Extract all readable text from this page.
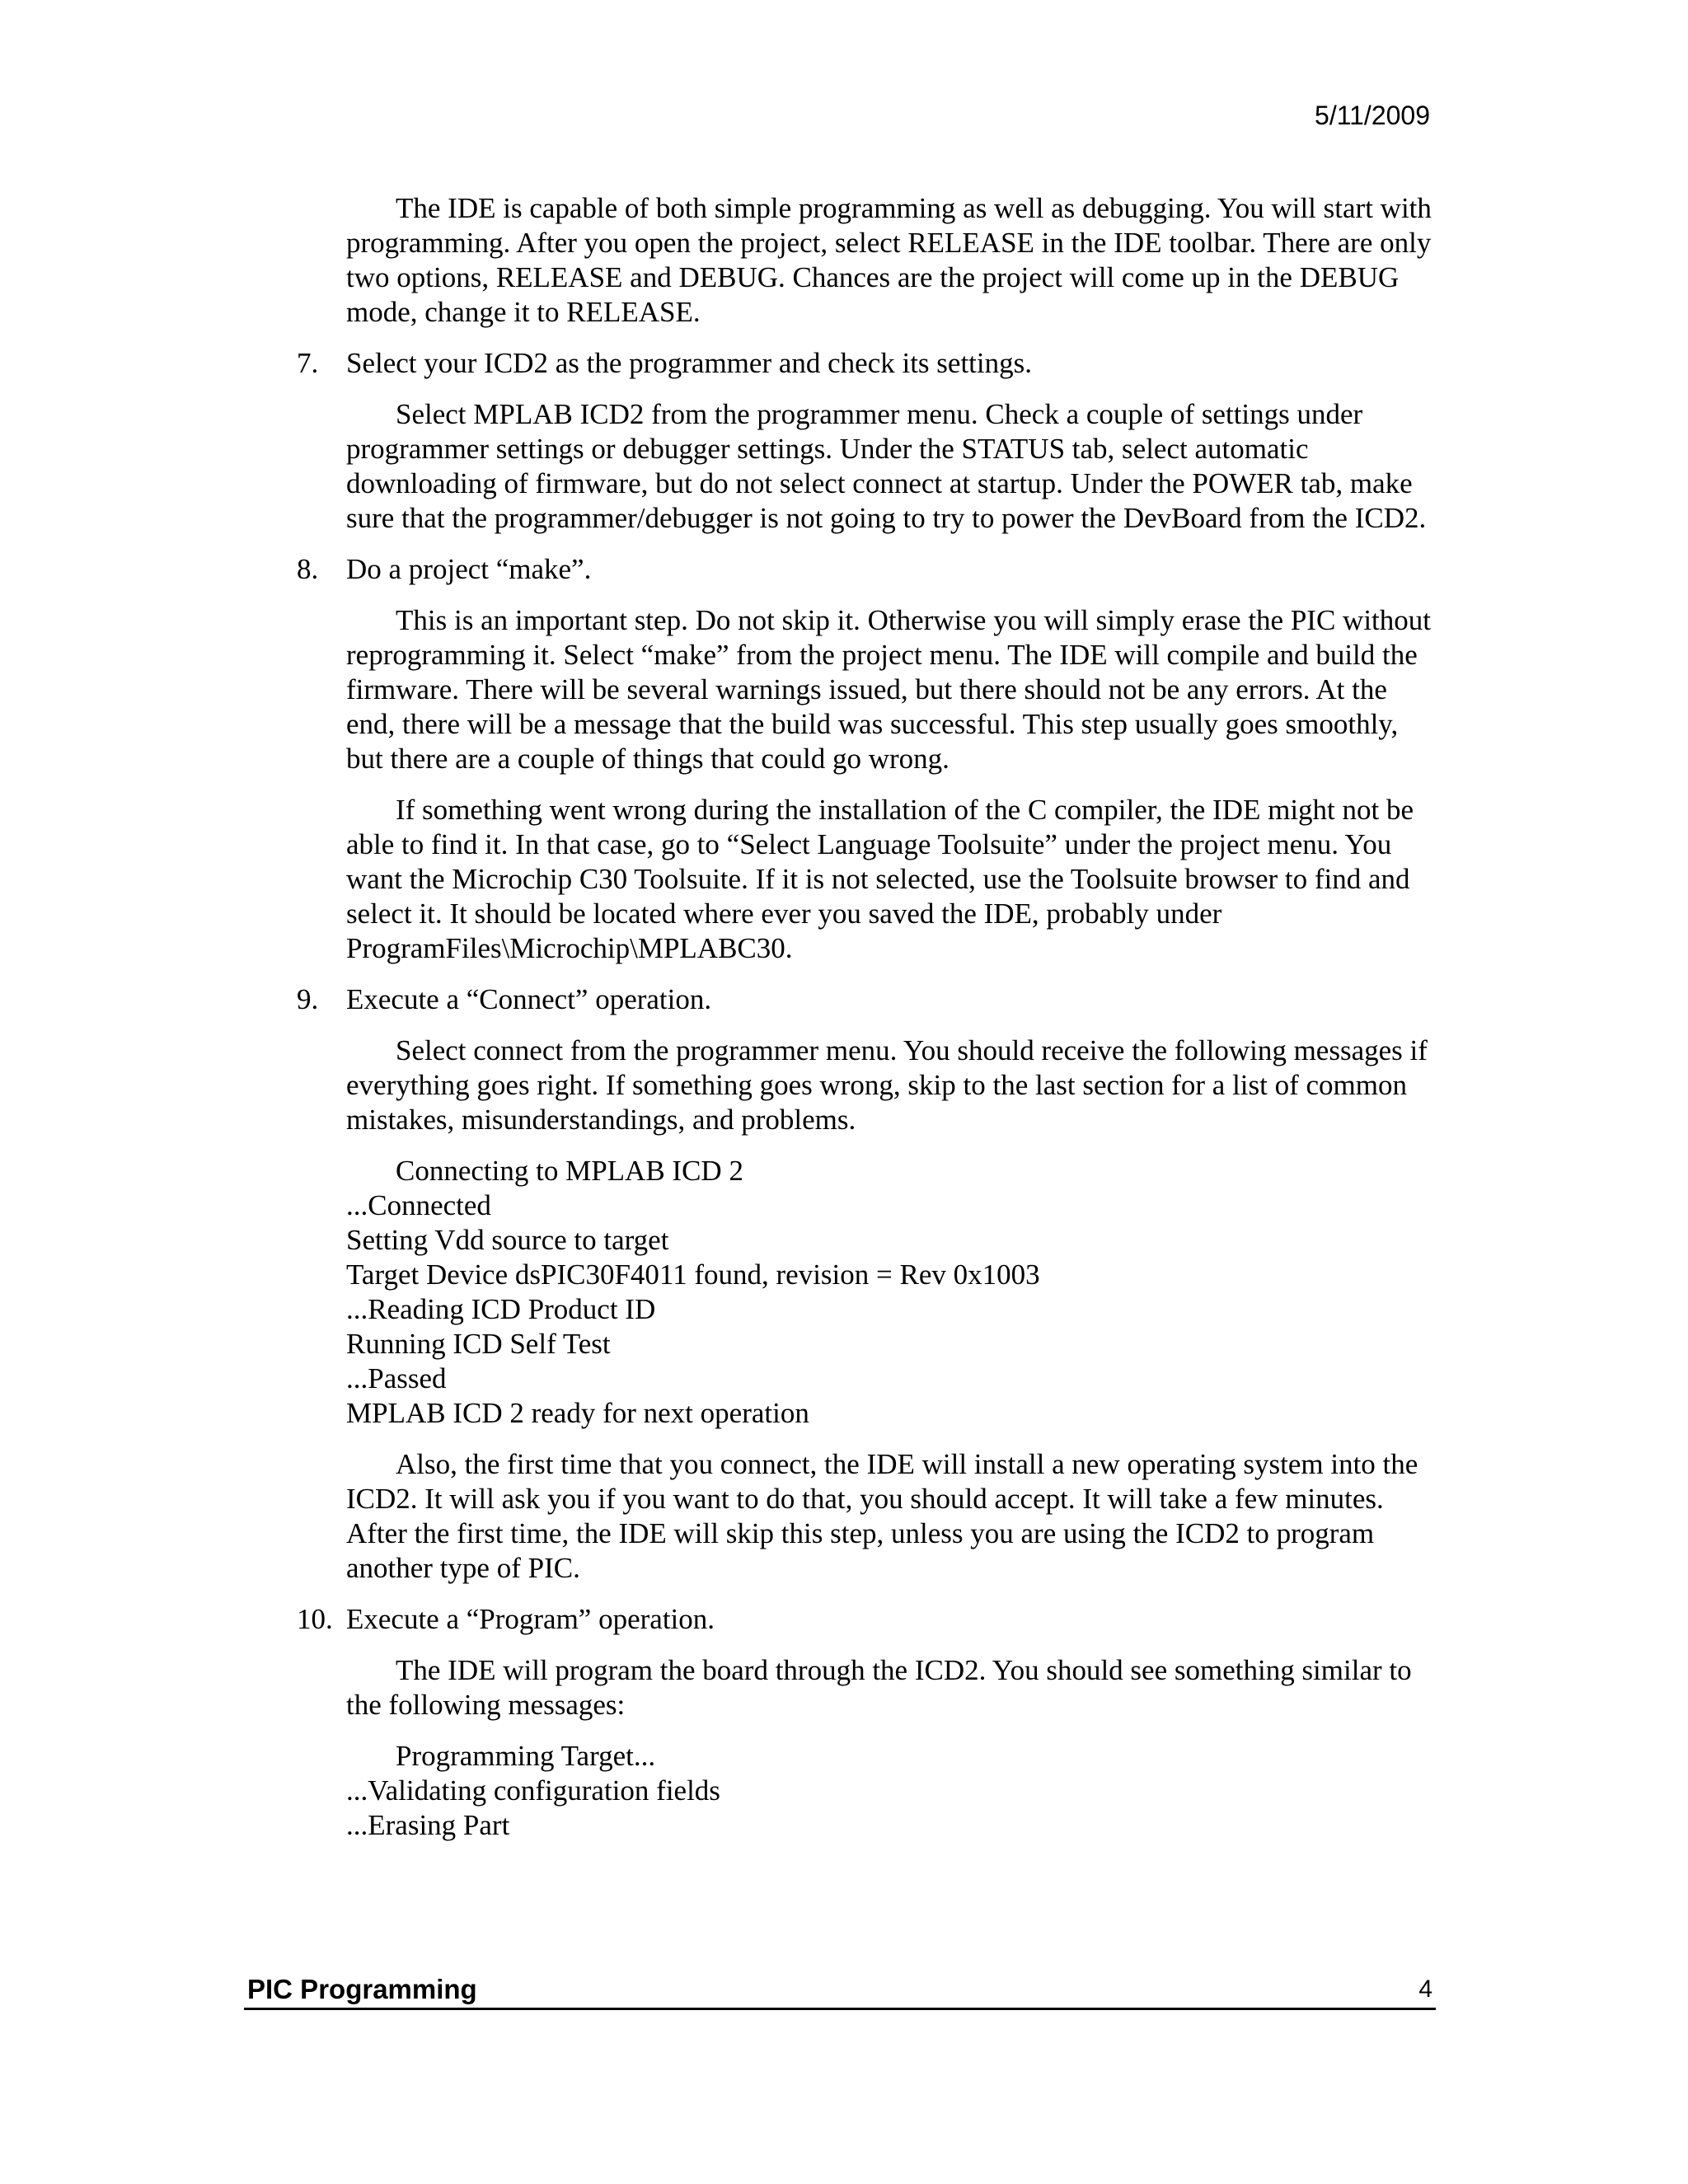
5/11/2009

The IDE is capable of both simple programming as well as debugging. You will start with programming. After you open the project, select RELEASE in the IDE toolbar. There are only two options, RELEASE and DEBUG. Chances are the project will come up in the DEBUG mode, change it to RELEASE.

7. Select your ICD2 as the programmer and check its settings.

Select MPLAB ICD2 from the programmer menu. Check a couple of settings under programmer settings or debugger settings. Under the STATUS tab, select automatic downloading of firmware, but do not select connect at startup. Under the POWER tab, make sure that the programmer/debugger is not going to try to power the DevBoard from the ICD2.

8. Do a project “make”.

This is an important step. Do not skip it. Otherwise you will simply erase the PIC without reprogramming it. Select “make” from the project menu. The IDE will compile and build the firmware. There will be several warnings issued, but there should not be any errors. At the end, there will be a message that the build was successful. This step usually goes smoothly, but there are a couple of things that could go wrong.

If something went wrong during the installation of the C compiler, the IDE might not be able to find it. In that case, go to “Select Language Toolsuite” under the project menu. You want the Microchip C30 Toolsuite. If it is not selected, use the Toolsuite browser to find and select it. It should be located where ever you saved the IDE, probably under ProgramFiles\Microchip\MPLABC30.

9. Execute a “Connect” operation.

Select connect from the programmer menu. You should receive the following messages if everything goes right. If something goes wrong, skip to the last section for a list of common mistakes, misunderstandings, and problems.

Connecting to MPLAB ICD 2
...Connected
Setting Vdd source to target
Target Device dsPIC30F4011 found, revision = Rev 0x1003
...Reading ICD Product ID
Running ICD Self Test
...Passed
MPLAB ICD 2 ready for next operation

Also, the first time that you connect, the IDE will install a new operating system into the ICD2. It will ask you if you want to do that, you should accept. It will take a few minutes. After the first time, the IDE will skip this step, unless you are using the ICD2 to program another type of PIC.

10. Execute a “Program” operation.

The IDE will program the board through the ICD2. You should see something similar to the following messages:

Programming Target...
...Validating configuration fields
...Erasing Part
PIC Programming	4
